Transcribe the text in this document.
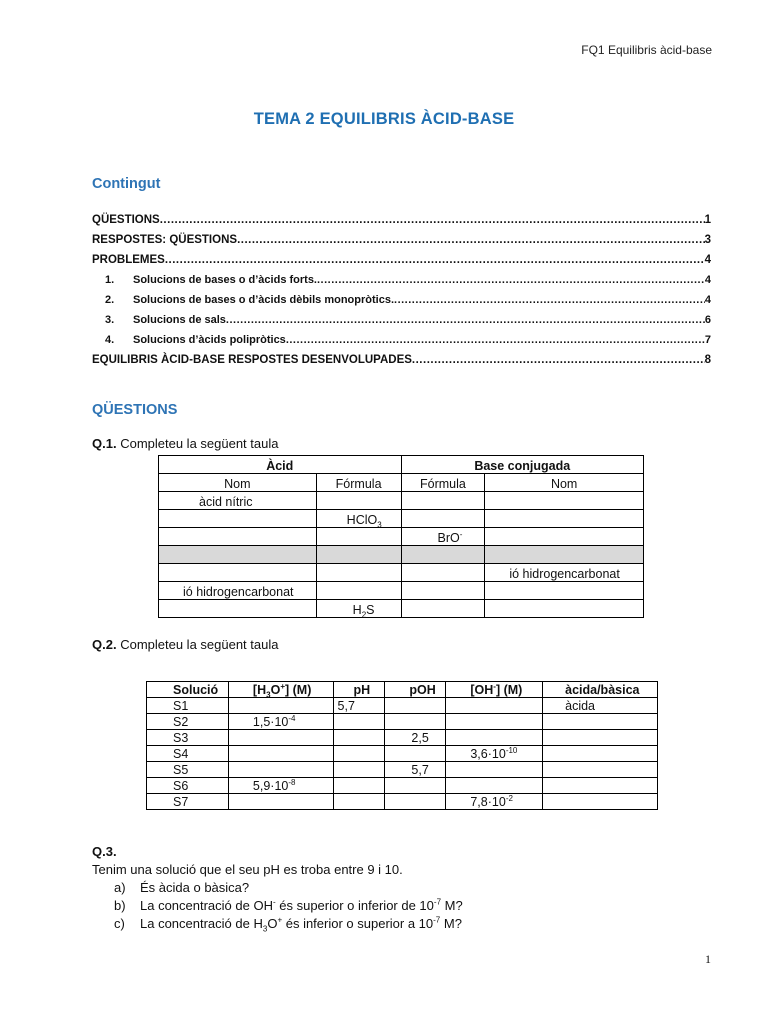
FQ1 Equilibris àcid-base
TEMA 2 EQUILIBRIS ÀCID-BASE
Contingut
QÜESTIONS .....	1
RESPOSTES: QÜESTIONS .....	3
PROBLEMES .....	4
1.	Solucions de bases o d’àcids forts. .....	4
2.	Solucions de bases o d’àcids dèbils monopròtics. .....	4
3.	Solucions de sals .....	6
4.	Solucions d’àcids polipròtics .....	7
EQUILIBRIS ÀCID-BASE RESPOSTES DESENVOLUPADES .....	8
QÜESTIONS
Q.1. Completeu la següent taula
Àcid		Base conjugada	
Nom	Fórmula	Fórmula	Nom
àcid nítric			
	HClO$_3$		
		BrO-	

			ió hidrogencarbonat
ió hidrogencarbonat			
	$H_2S$		
Q.2. Completeu la següent taula
Solució	$[H_3O^+]$ (M)	pH	pOH	[OH-] (M)	àcida/bàsica
S1		5,7			àcida
S2	$1,5\cdot 10^{-4}$				
S3			2,5		
S4				$3,6\cdot 10^{-10}$	
S5			5,7		
S6	$5,9\cdot 10^{-8}$				
S7				$7,8\cdot 10^{-2}$	
Q.3.
Tenim una solució que el seu pH es troba entre 9 i 10.
a) És àcida o bàsica?
b) La concentració de OH- és superior o inferior de $10^{-7}$ M?
c) La concentració de $H_3O^+$ és inferior o superior a $10^{-7}$ M?
1
